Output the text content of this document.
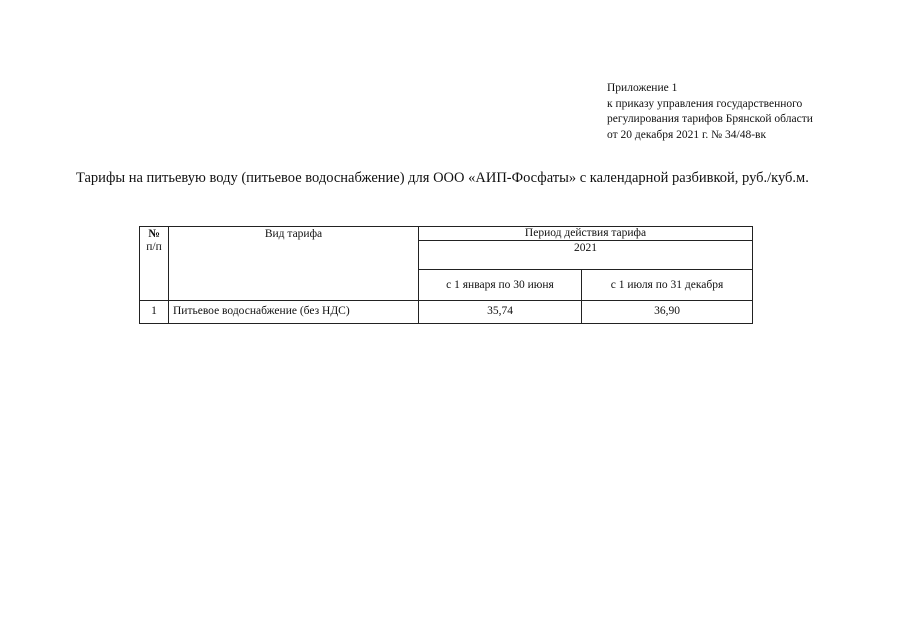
Приложение 1
к приказу управления государственного
регулирования тарифов Брянской области
от 20 декабря 2021 г. № 34/48-вк
Тарифы на питьевую воду (питьевое водоснабжение) для ООО «АИП-Фосфаты» с календарной разбивкой, руб./куб.м.
№
п/п	Вид тарифа	Период действия тарифа	
		2021	
		с 1 января по 30 июня	с 1 июля по 31 декабря
1	Питьевое водоснабжение (без НДС)	35,74	36,90
